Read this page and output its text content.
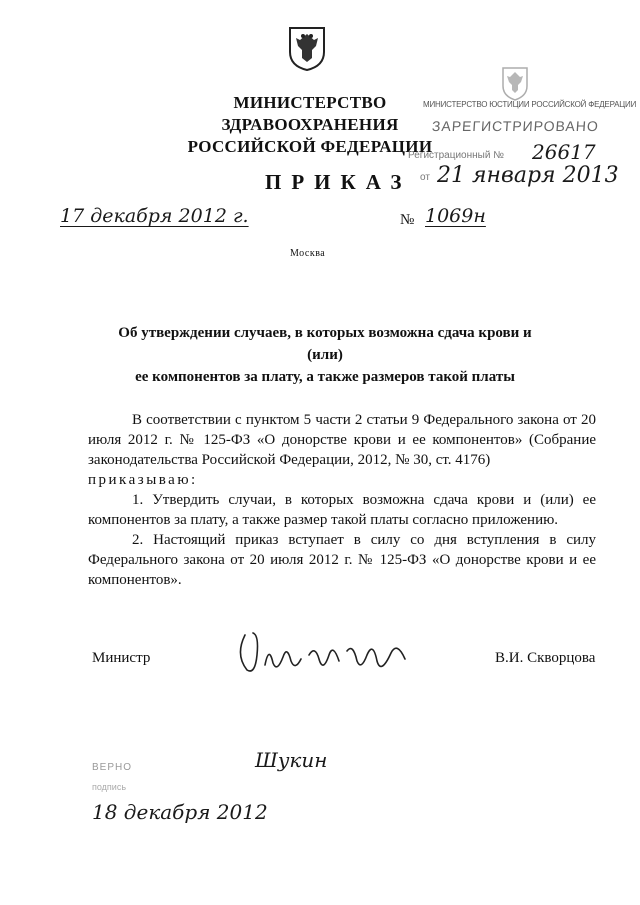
МИНИСТЕРСТВО ЗДРАВООХРАНЕНИЯ
РОССИЙСКОЙ ФЕДЕРАЦИИ
МИНИСТЕРСТВО ЮСТИЦИИ РОССИЙСКОЙ ФЕДЕРАЦИИ
ЗАРЕГИСТРИРОВАНО
Регистрационный № 26617
от 21 января 2013
ПРИКАЗ
17 декабря 2012 г.	№ 1069н
Москва
Об утверждении случаев, в которых возможна сдача крови и (или)
ее компонентов за плату, а также размеров такой платы

В соответствии с пунктом 5 части 2 статьи 9 Федерального закона от 20 июля 2012 г. № 125-ФЗ «О донорстве крови и ее компонентов» (Собрание законодательства Российской Федерации, 2012, № 30, ст. 4176)

приказываю:

1. Утвердить случаи, в которых возможна сдача крови и (или) ее компонентов за плату, а также размер такой платы согласно приложению.

2. Настоящий приказ вступает в силу со дня вступления в силу Федерального закона от 20 июля 2012 г. № 125-ФЗ «О донорстве крови и ее компонентов».

Министр	В.И. Скворцова
ВЕРНО
подпись
Шукин
18 декабря 2012
